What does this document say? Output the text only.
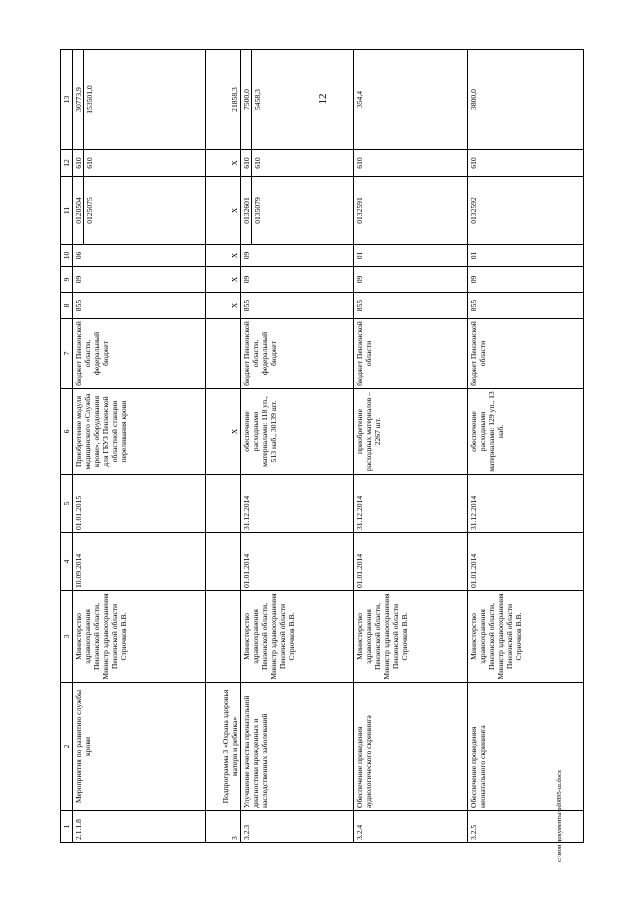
12
1	2	3	4	5	6	7	8	9	10	11	12	13
2.1.1.8	Мероприятия по развитию службы крови	Министерство здравоохранения Пензенской области, Министр здравоохранения Пензенской области Стрючков В.В.	10.09.2014	01.01.2015	Приобретение модуля медицинского «Служба крови», оборудования для ГБУЗ Пензенской областной станции переливания крови	бюджет Пензенской области, федеральный бюджет	855	09	06	0120504 0125075	610 610	30773,9 153501,0

3	Подпрограмма 3 «Охрана здоровья матери и ребенка»				Х		Х	Х	Х	Х	Х	21858,3
3.2.3	Улучшение качества пренатальной диагностики врожденных и наследственных заболеваний	Министерство здравоохранения Пензенской области, Министр здравоохранения Пензенской области Стрючков В.В.	01.01.2014	31.12.2014	обеспечение расходными материалами: 118 уп., 513 наб., 30139 шт.	бюджет Пензенской области, федеральный бюджет	855	09	09	0132601 0135079	610 610	7500,0 5458,3

3.2.4	Обеспечение проведения аудиологического скрининга	Министерство здравоохранения Пензенской области, Министр здравоохранения Пензенской области Стрючков В.В.	01.01.2014	31.12.2014	приобретение расходных материалов – 2267 шт.	бюджет Пензенской области	855	09	01	0132591	610	354,4
3.2.5	Обеспечение проведения неонатального скрининга	Министерство здравоохранения Пензенской области, Министр здравоохранения Пензенской области Стрючков В.В.	01.01.2014	31.12.2014	обеспечение расходными материалами: 129 уп., 13 наб.	бюджет Пензенской области	855	09	01	0132592	610	3800,0
c:\мои документы\рd0895-ш.docx
